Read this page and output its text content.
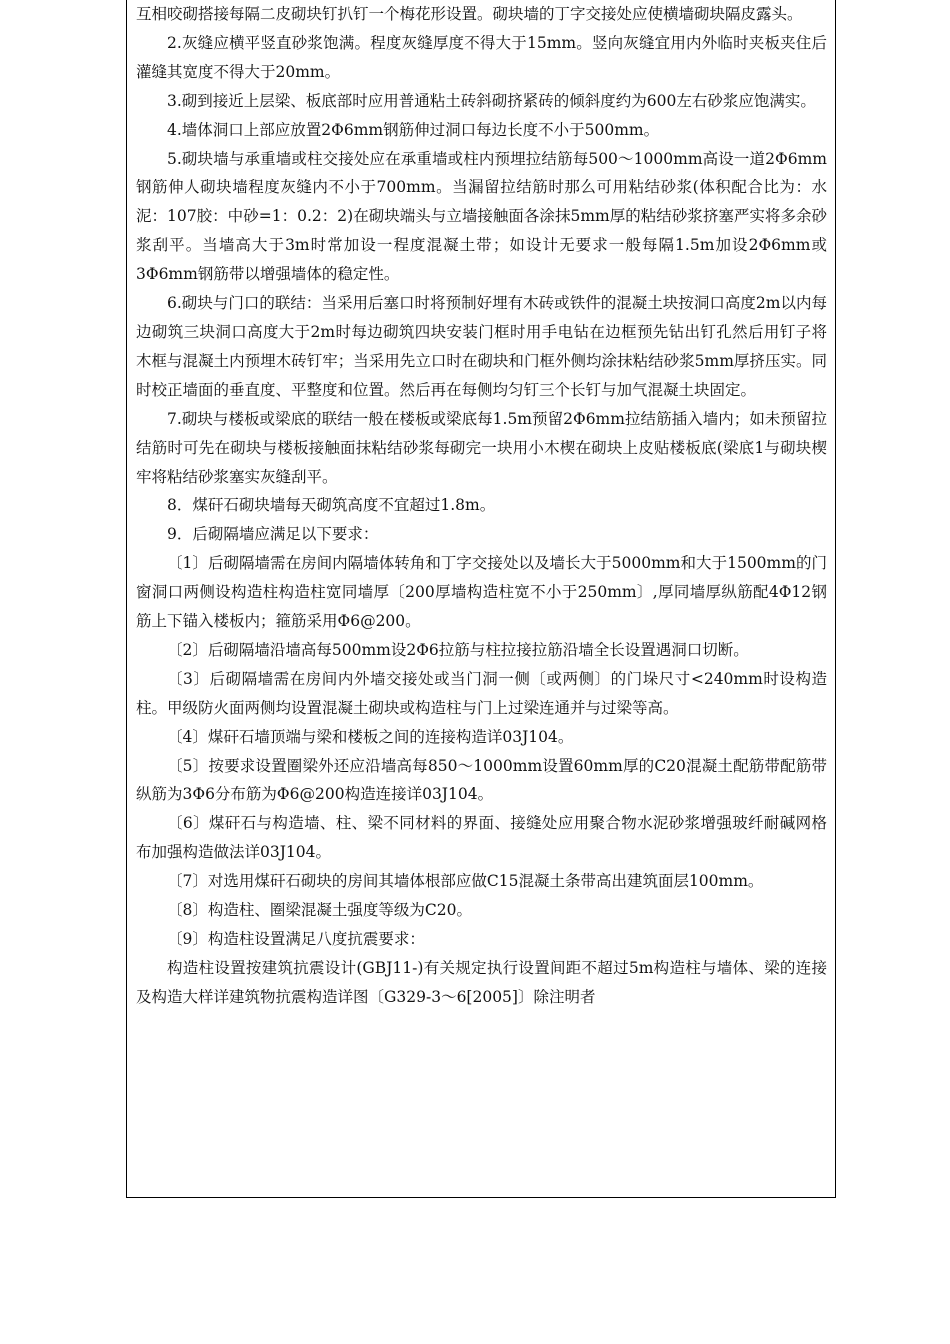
互相咬砌搭接每隔二皮砌块钉扒钉一个梅花形设置。砌块墙的丁字交接处应使横墙砌块隔皮露头。

2.灰缝应横平竖直砂浆饱满。程度灰缝厚度不得大于15mm。竖向灰缝宜用内外临时夹板夹住后灌缝其宽度不得大于20mm。

3.砌到接近上层梁、板底部时应用普通粘土砖斜砌挤紧砖的倾斜度约为600左右砂浆应饱满实。

4.墙体洞口上部应放置2Φ6mm钢筋伸过洞口每边长度不小于500mm。

5.砌块墙与承重墙或柱交接处应在承重墙或柱内预埋拉结筋每500～1000mm高设一道2Φ6mm钢筋伸人砌块墙程度灰缝内不小于700mm。当漏留拉结筋时那么可用粘结砂浆(体积配合比为：水泥：107胶：中砂=1：0.2：2)在砌块端头与立墙接触面各涂抹5mm厚的粘结砂浆挤塞严实将多余砂浆刮平。当墙高大于3m时常加设一程度混凝土带；如设计无要求一般每隔1.5m加设2Φ6mm或3Φ6mm钢筋带以增强墙体的稳定性。

6.砌块与门口的联结：当采用后塞口时将预制好埋有木砖或铁件的混凝土块按洞口高度2m以内每边砌筑三块洞口高度大于2m时每边砌筑四块安装门框时用手电钻在边框预先钻出钉孔然后用钉子将木框与混凝土内预埋木砖钉牢；当采用先立口时在砌块和门框外侧均涂抹粘结砂浆5mm厚挤压实。同时校正墙面的垂直度、平整度和位置。然后再在每侧均匀钉三个长钉与加气混凝土块固定。

7.砌块与楼板或梁底的联结一般在楼板或梁底每1.5m预留2Φ6mm拉结筋插入墙内；如未预留拉结筋时可先在砌块与楼板接触面抹粘结砂浆每砌完一块用小木楔在砌块上皮贴楼板底(梁底1与砌块楔牢将粘结砂浆塞实灰缝刮平。

8．煤矸石砌块墙每天砌筑高度不宜超过1.8m。

9．后砌隔墙应满足以下要求：

〔1〕后砌隔墙需在房间内隔墙体转角和丁字交接处以及墙长大于5000mm和大于1500mm的门窗洞口两侧设构造柱构造柱宽同墙厚〔200厚墙构造柱宽不小于250mm〕,厚同墙厚纵筋配4Φ12钢筋上下锚入楼板内；箍筋采用Φ6@200。

〔2〕后砌隔墙沿墙高每500mm设2Φ6拉筋与柱拉接拉筋沿墙全长设置遇洞口切断。

〔3〕后砌隔墙需在房间内外墙交接处或当门洞一侧〔或两侧〕的门垛尺寸<240mm时设构造柱。甲级防火面两侧均设置混凝土砌块或构造柱与门上过梁连通并与过梁等高。

〔4〕煤矸石墙顶端与梁和楼板之间的连接构造详03J104。

〔5〕按要求设置圈梁外还应沿墙高每850～1000mm设置60mm厚的C20混凝土配筋带配筋带纵筋为3Φ6分布筋为Φ6@200构造连接详03J104。

〔6〕煤矸石与构造墙、柱、梁不同材料的界面、接缝处应用聚合物水泥砂浆增强玻纤耐碱网格布加强构造做法详03J104。

〔7〕对选用煤矸石砌块的房间其墙体根部应做C15混凝土条带高出建筑面层100mm。

〔8〕构造柱、圈梁混凝土强度等级为C20。

〔9〕构造柱设置满足八度抗震要求：

构造柱设置按建筑抗震设计(GBJ11-)有关规定执行设置间距不超过5m构造柱与墙体、梁的连接及构造大样详建筑物抗震构造详图〔G329-3～6[2005]〕除注明者
